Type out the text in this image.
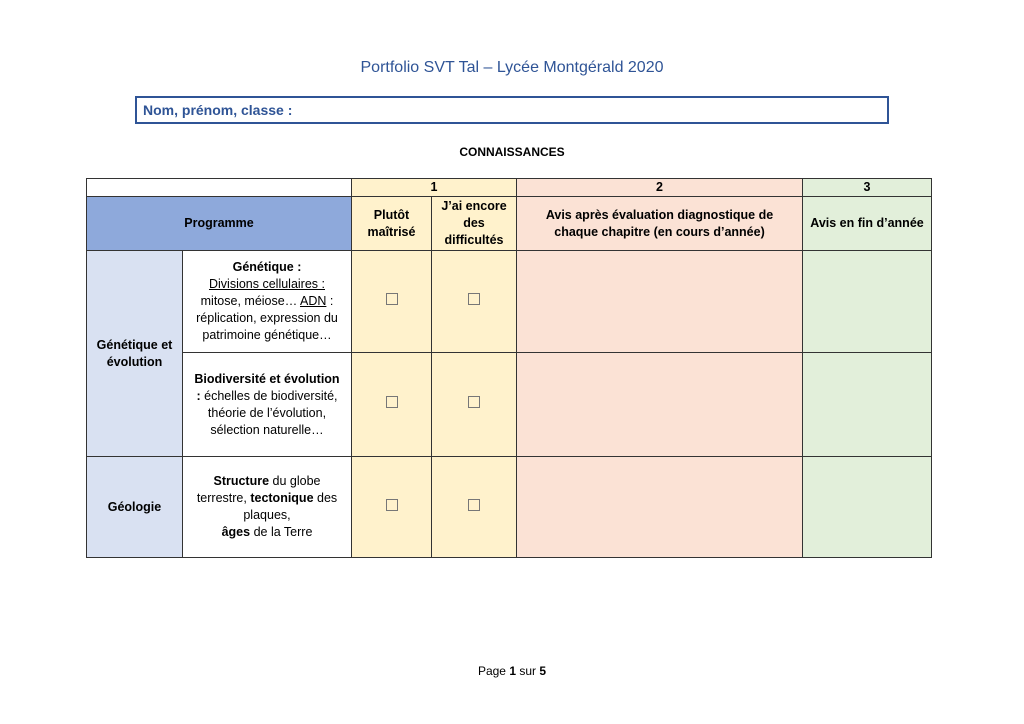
Portfolio SVT Tal – Lycée Montgérald 2020
Nom, prénom, classe :
CONNAISSANCES
		1		2	3
Programme		Plutôt maîtrisé	J’ai encore des difficultés	Avis après évaluation diagnostique de chaque chapitre (en cours d’année)	Avis en fin d’année
Génétique et évolution	Génétique :
Divisions cellulaires :
mitose, méiose… ADN : réplication, expression du patrimoine génétique…				
	Biodiversité et évolution : échelles de biodiversité, théorie de l’évolution, sélection naturelle…				
Géologie	Structure du globe terrestre, tectonique des plaques,
âges de la Terre				
Page 1 sur 5
